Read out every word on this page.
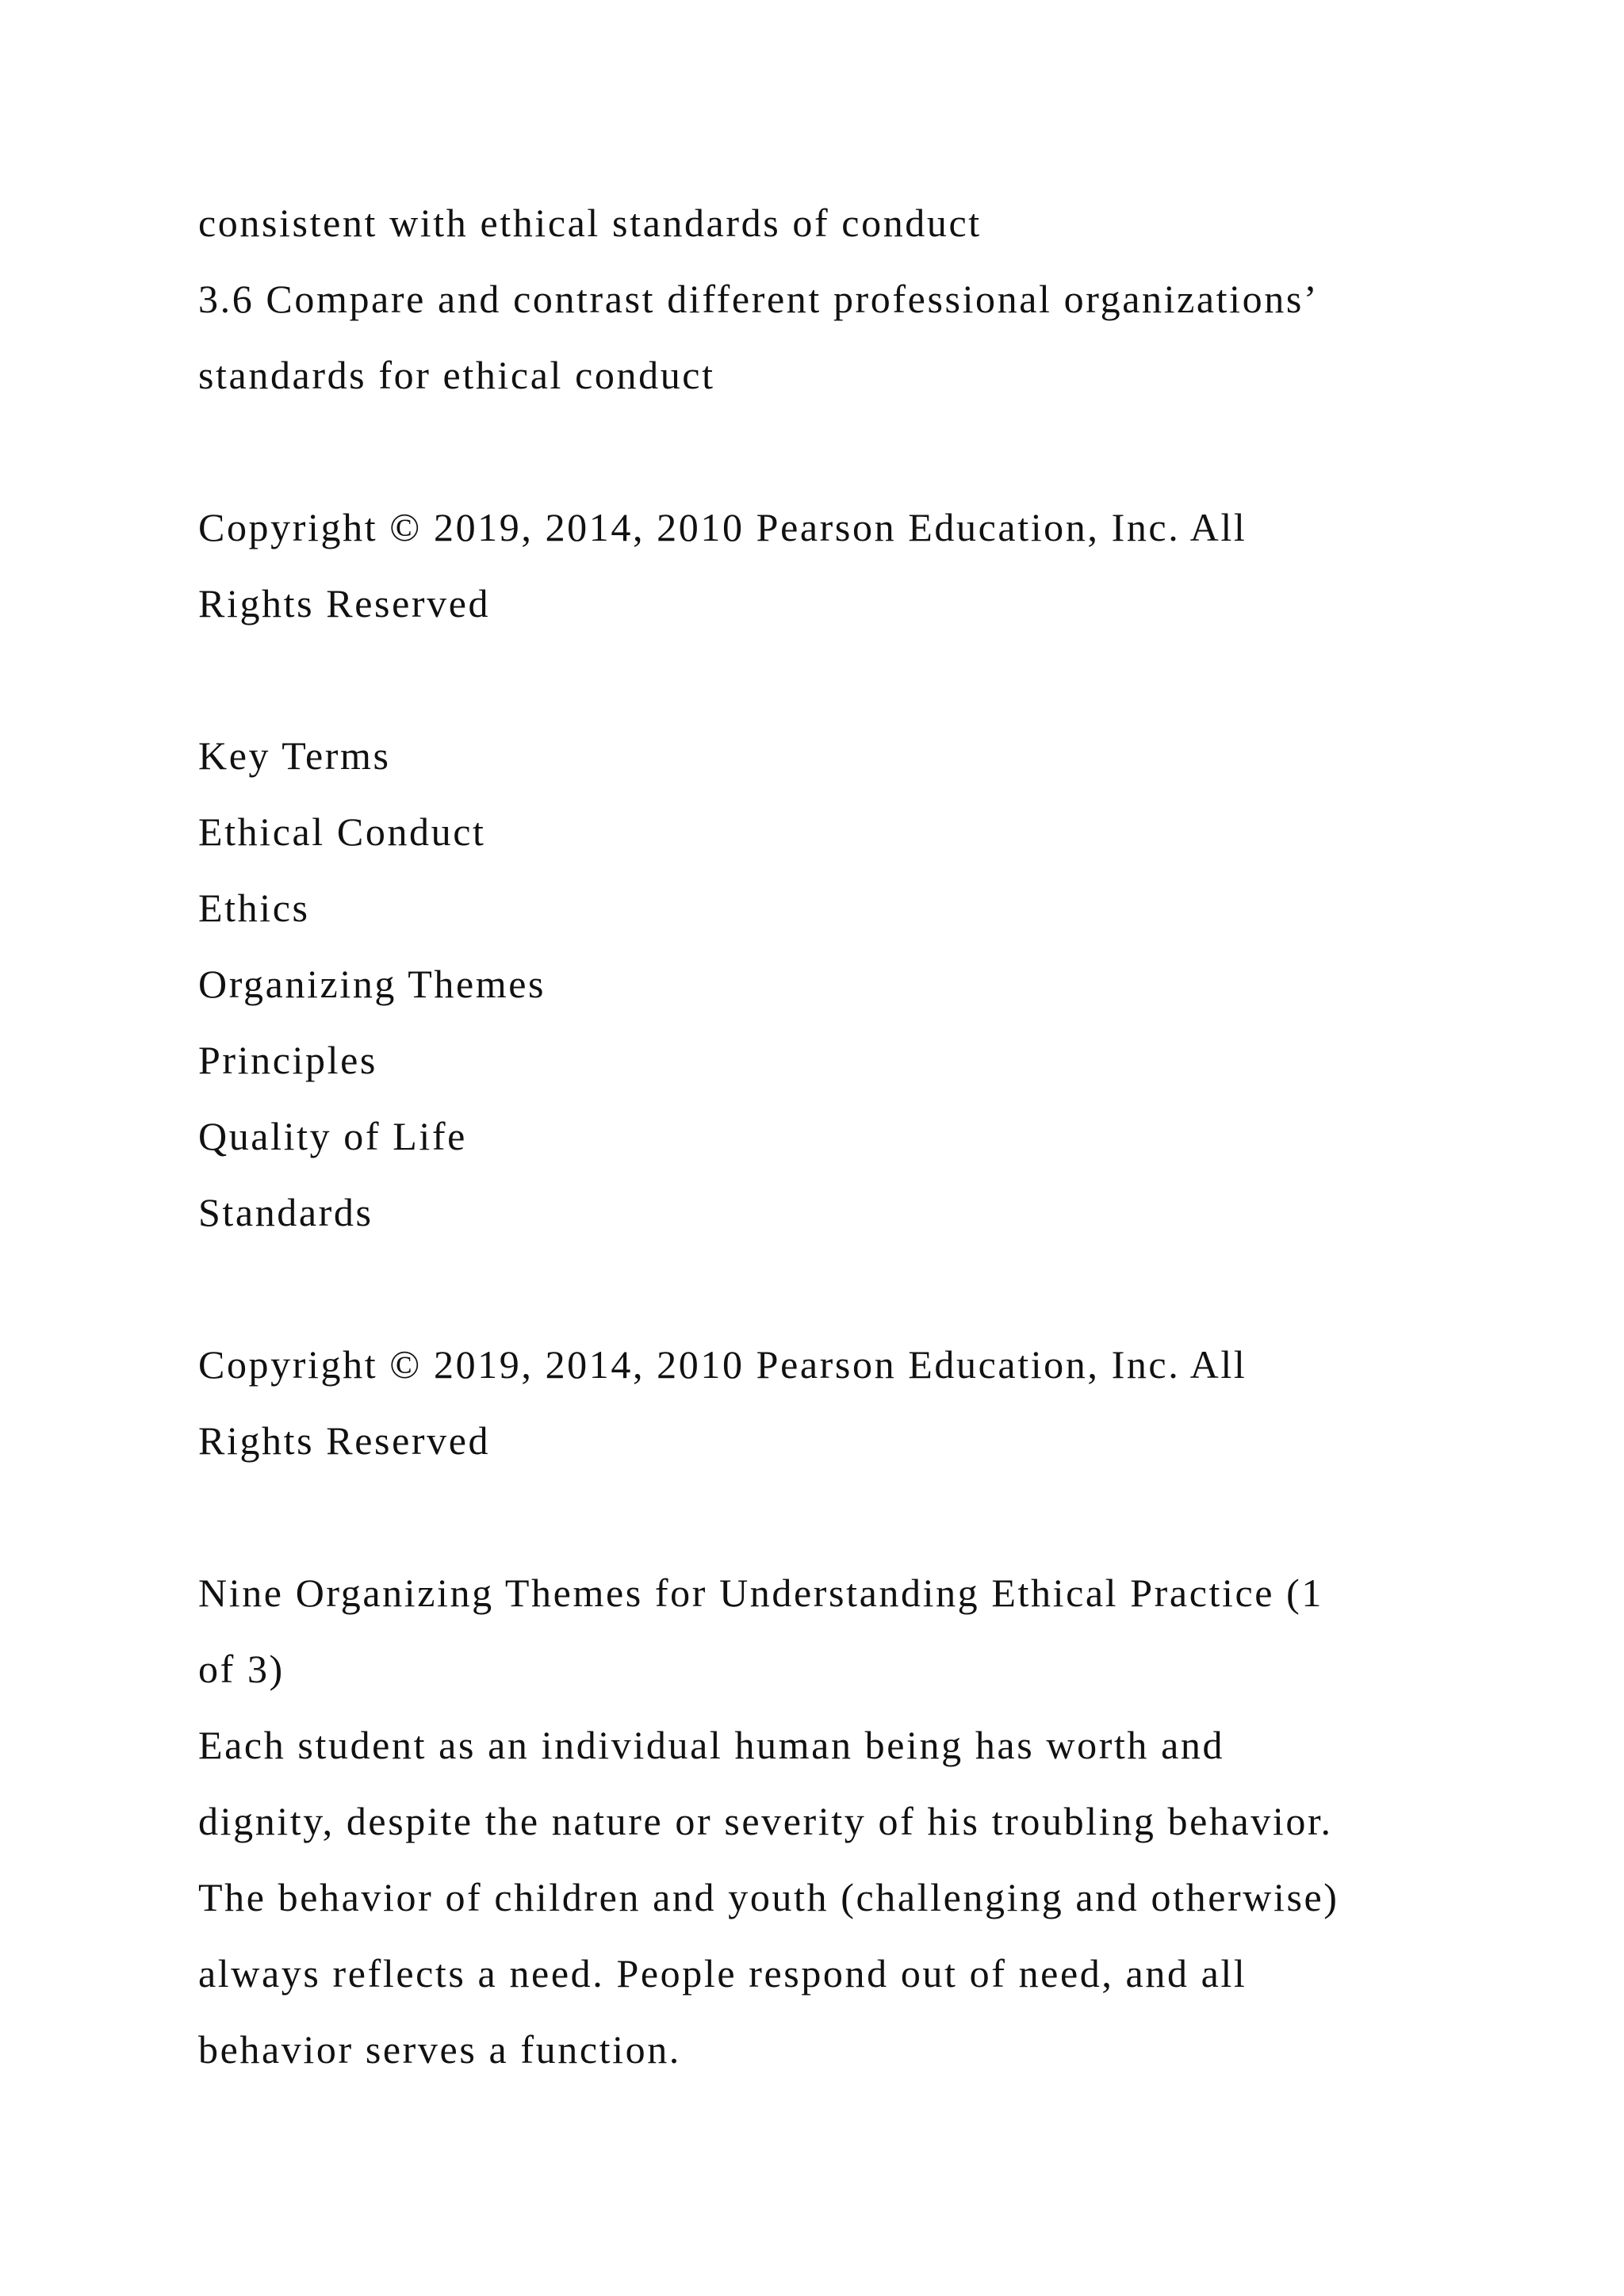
consistent with ethical standards of conduct
3.6 Compare and contrast different professional organizations’
standards for ethical conduct
Copyright © 2019, 2014, 2010 Pearson Education, Inc. All
Rights Reserved
Key Terms
Ethical Conduct
Ethics
Organizing Themes
Principles
Quality of Life
Standards
Copyright © 2019, 2014, 2010 Pearson Education, Inc. All
Rights Reserved
Nine Organizing Themes for Understanding Ethical Practice (1
of 3)
Each student as an individual human being has worth and
dignity, despite the nature or severity of his troubling behavior.
The behavior of children and youth (challenging and otherwise)
always reflects a need. People respond out of need, and all
behavior serves a function.
